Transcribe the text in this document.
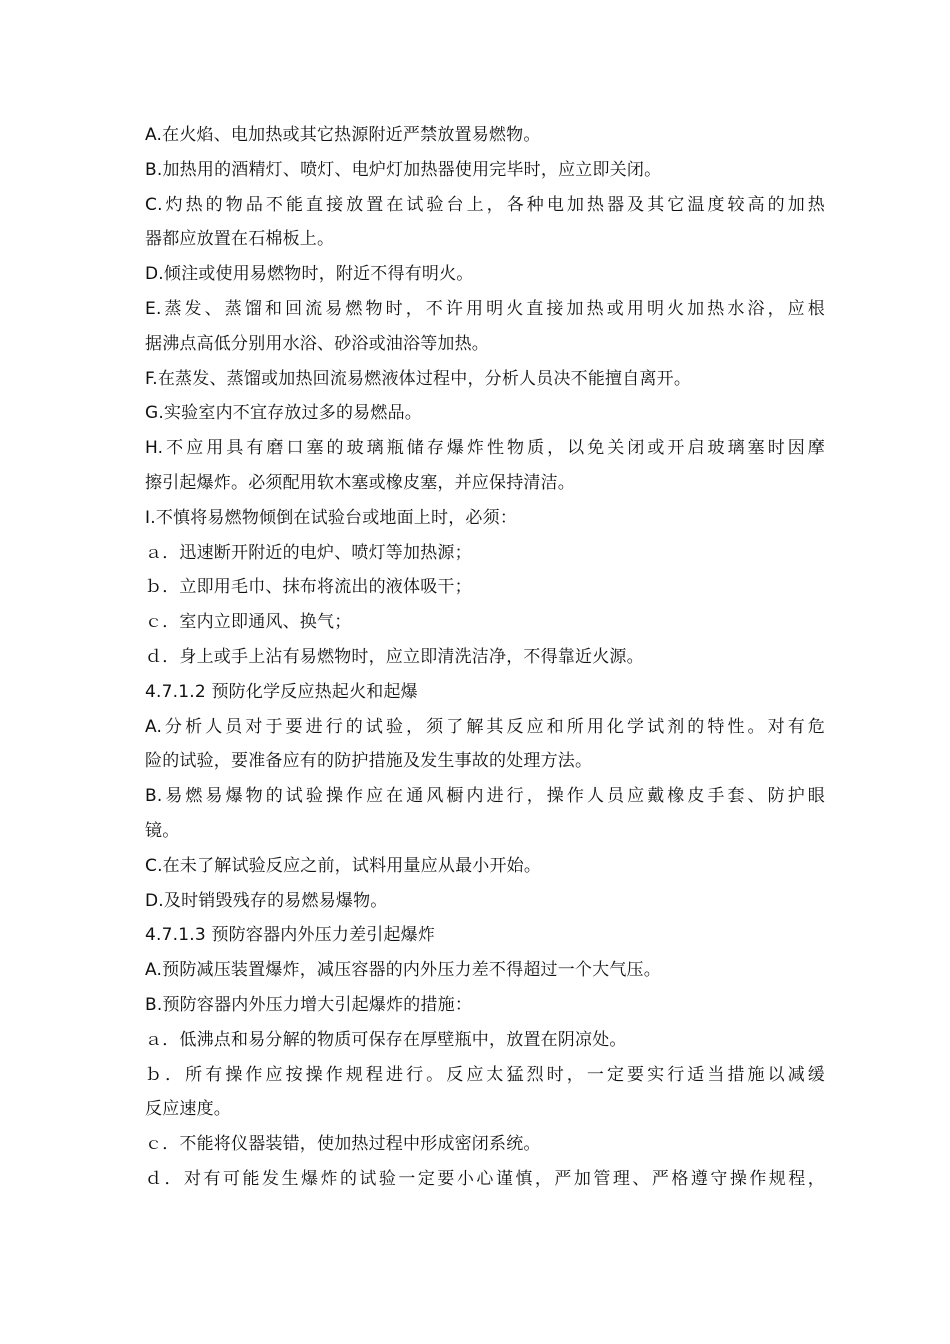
A.在火焰、电加热或其它热源附近严禁放置易燃物。
B.加热用的酒精灯、喷灯、电炉灯加热器使用完毕时，应立即关闭。
C.灼热的物品不能直接放置在试验台上，各种电加热器及其它温度较高的加热
器都应放置在石棉板上。
D.倾注或使用易燃物时，附近不得有明火。
E.蒸发、蒸馏和回流易燃物时，不许用明火直接加热或用明火加热水浴，应根
据沸点高低分别用水浴、砂浴或油浴等加热。
F.在蒸发、蒸馏或加热回流易燃液体过程中，分析人员决不能擅自离开。
G.实验室内不宜存放过多的易燃品。
H.不应用具有磨口塞的玻璃瓶储存爆炸性物质，以免关闭或开启玻璃塞时因摩
擦引起爆炸。必须配用软木塞或橡皮塞，并应保持清洁。
I.不慎将易燃物倾倒在试验台或地面上时，必须：
ａ．迅速断开附近的电炉、喷灯等加热源；
ｂ．立即用毛巾、抹布将流出的液体吸干；
ｃ．室内立即通风、换气；
ｄ．身上或手上沾有易燃物时，应立即清洗洁净，不得靠近火源。
4.7.1.2 预防化学反应热起火和起爆
A.分析人员对于要进行的试验，须了解其反应和所用化学试剂的特性。对有危
险的试验，要准备应有的防护措施及发生事故的处理方法。
B.易燃易爆物的试验操作应在通风橱内进行，操作人员应戴橡皮手套、防护眼
镜。
C.在未了解试验反应之前，试料用量应从最小开始。
D.及时销毁残存的易燃易爆物。
4.7.1.3 预防容器内外压力差引起爆炸
A.预防减压装置爆炸，减压容器的内外压力差不得超过一个大气压。
B.预防容器内外压力增大引起爆炸的措施：
ａ．低沸点和易分解的物质可保存在厚壁瓶中，放置在阴凉处。
ｂ．所有操作应按操作规程进行。反应太猛烈时，一定要实行适当措施以减缓
反应速度。
ｃ．不能将仪器装错，使加热过程中形成密闭系统。
ｄ．对有可能发生爆炸的试验一定要小心谨慎，严加管理、严格遵守操作规程，
